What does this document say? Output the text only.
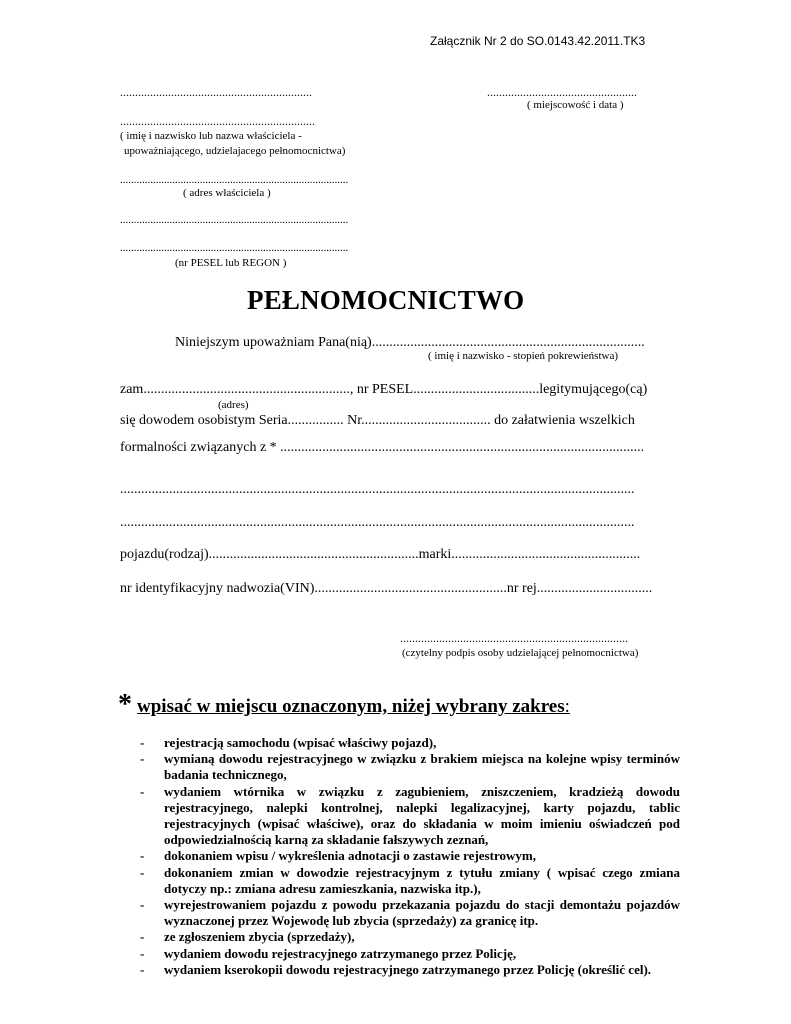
Załącznik Nr 2 do SO.0143.42.2011.TK3
................................................................	..................................................
( miejscowość i data )
.................................................................
( imię i nazwisko lub nazwa właściciela -
upoważniającego, udzielajacego pełnomocnictwa)
...................................................................................
( adres właściciela )
...................................................................................
...................................................................................
(nr PESEL lub REGON )
PEŁNOMOCNICTWO
Niniejszym upoważniam Pana(nią)..............................................................................
( imię i nazwisko - stopień pokrewieństwa)
zam..........................................................., nr PESEL....................................legitymującego(cą)
(adres)
się dowodem osobistym Seria................ Nr..................................... do załatwienia wszelkich
formalności związanych z * ........................................................................................................
...................................................................................................................................................
...................................................................................................................................................
pojazdu(rodzaj)............................................................marki......................................................
nr identyfikacyjny nadwozia(VIN).......................................................nr rej.................................
............................................................................
(czytelny podpis osoby udzielającej pełnomocnictwa)
* wpisać w miejscu oznaczonym, niżej wybrany zakres:
- rejestracją samochodu (wpisać właściwy pojazd),
- wymianą dowodu rejestracyjnego w związku z brakiem miejsca na kolejne wpisy terminów badania technicznego,
- wydaniem wtórnika w związku z zagubieniem, zniszczeniem, kradzieżą dowodu rejestracyjnego, nalepki kontrolnej, nalepki legalizacyjnej, karty pojazdu, tablic rejestracyjnych (wpisać właściwe), oraz do składania w moim imieniu oświadczeń pod odpowiedzialnością karną za składanie fałszywych zeznań,
- dokonaniem wpisu / wykreślenia adnotacji o zastawie rejestrowym,
- dokonaniem zmian w dowodzie rejestracyjnym z tytułu zmiany ( wpisać czego zmiana dotyczy np.: zmiana adresu zamieszkania, nazwiska itp.),
- wyrejestrowaniem pojazdu z powodu przekazania pojazdu do stacji demontażu pojazdów wyznaczonej przez Wojewodę lub zbycia (sprzedaży) za granicę itp.
- ze zgłoszeniem zbycia (sprzedaży),
- wydaniem dowodu rejestracyjnego zatrzymanego przez Policję,
- wydaniem kserokopii dowodu rejestracyjnego zatrzymanego przez Policję (określić cel).
